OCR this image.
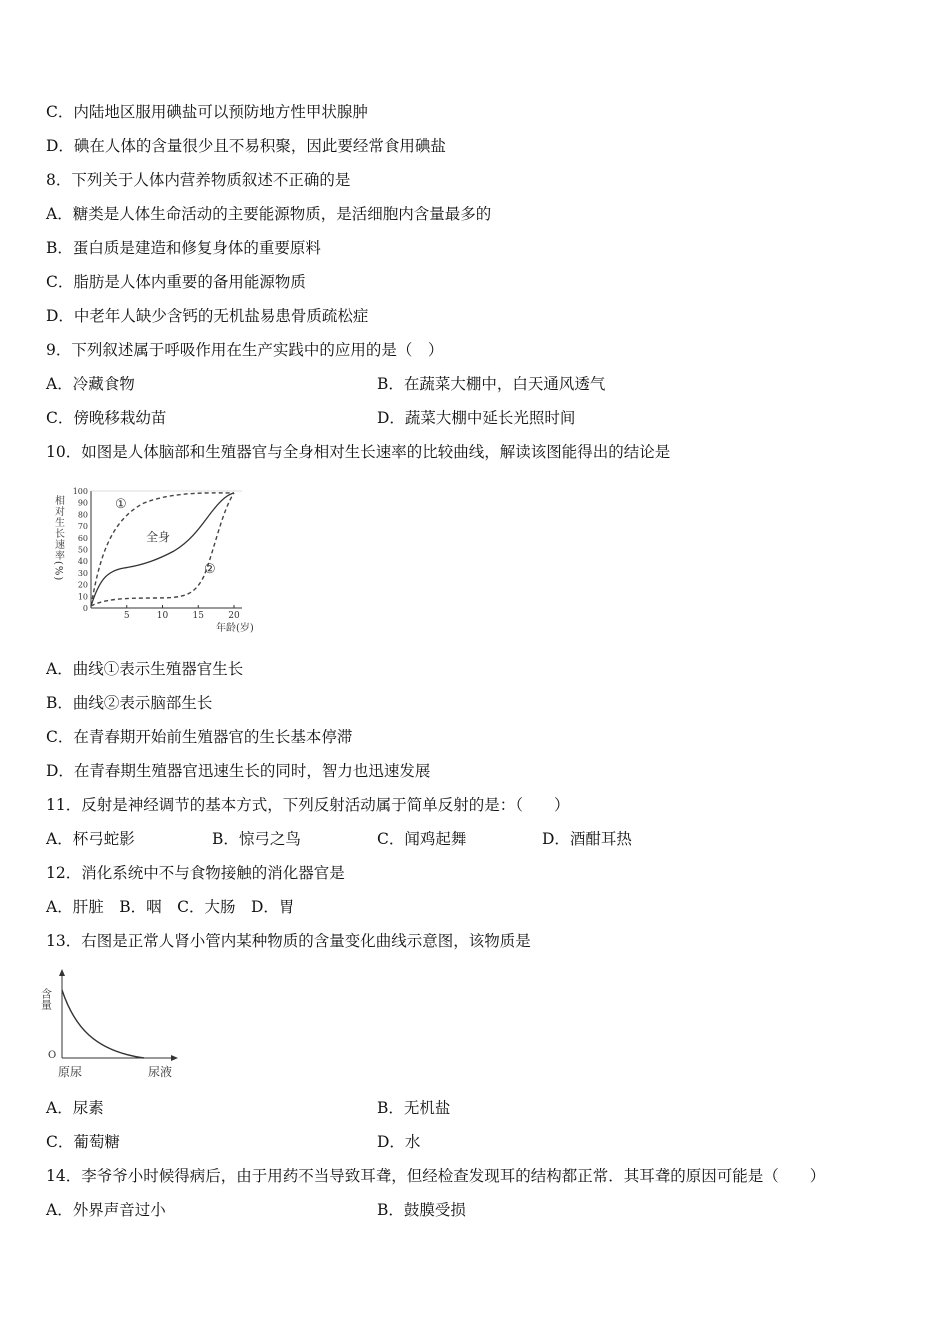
C．内陆地区服用碘盐可以预防地方性甲状腺肿
D．碘在人体的含量很少且不易积聚，因此要经常食用碘盐
8．下列关于人体内营养物质叙述不正确的是
A．糖类是人体生命活动的主要能源物质，是活细胞内含量最多的
B．蛋白质是建造和修复身体的重要原料
C．脂肪是人体内重要的备用能源物质
D．中老年人缺少含钙的无机盐易患骨质疏松症
9．下列叙述属于呼吸作用在生产实践中的应用的是（　）
A．冷藏食物	B．在蔬菜大棚中，白天通风透气
C．傍晚移栽幼苗	D．蔬菜大棚中延长光照时间
10．如图是人体脑部和生殖器官与全身相对生长速率的比较曲线，解读该图能得出的结论是
相对生长速率(%)
100
90
80
70
60
50
40
30
20
10
0
5	10	15	20
①
全身
②
年龄(岁)
A．曲线①表示生殖器官生长
B．曲线②表示脑部生长
C．在青春期开始前生殖器官的生长基本停滞
D．在青春期生殖器官迅速生长的同时，智力也迅速发展
11．反射是神经调节的基本方式，下列反射活动属于简单反射的是：（　　）
A．杯弓蛇影	B．惊弓之鸟	C．闻鸡起舞	D．酒酣耳热
12．消化系统中不与食物接触的消化器官是
A．肝脏　B．咽　C．大肠　D．胃
13．右图是正常人肾小管内某种物质的含量变化曲线示意图，该物质是
含量
O
原尿	尿液
A．尿素	B．无机盐
C．葡萄糖	D．水
14．李爷爷小时候得病后，由于用药不当导致耳聋，但经检查发现耳的结构都正常．其耳聋的原因可能是（　　）
A．外界声音过小	B．鼓膜受损
